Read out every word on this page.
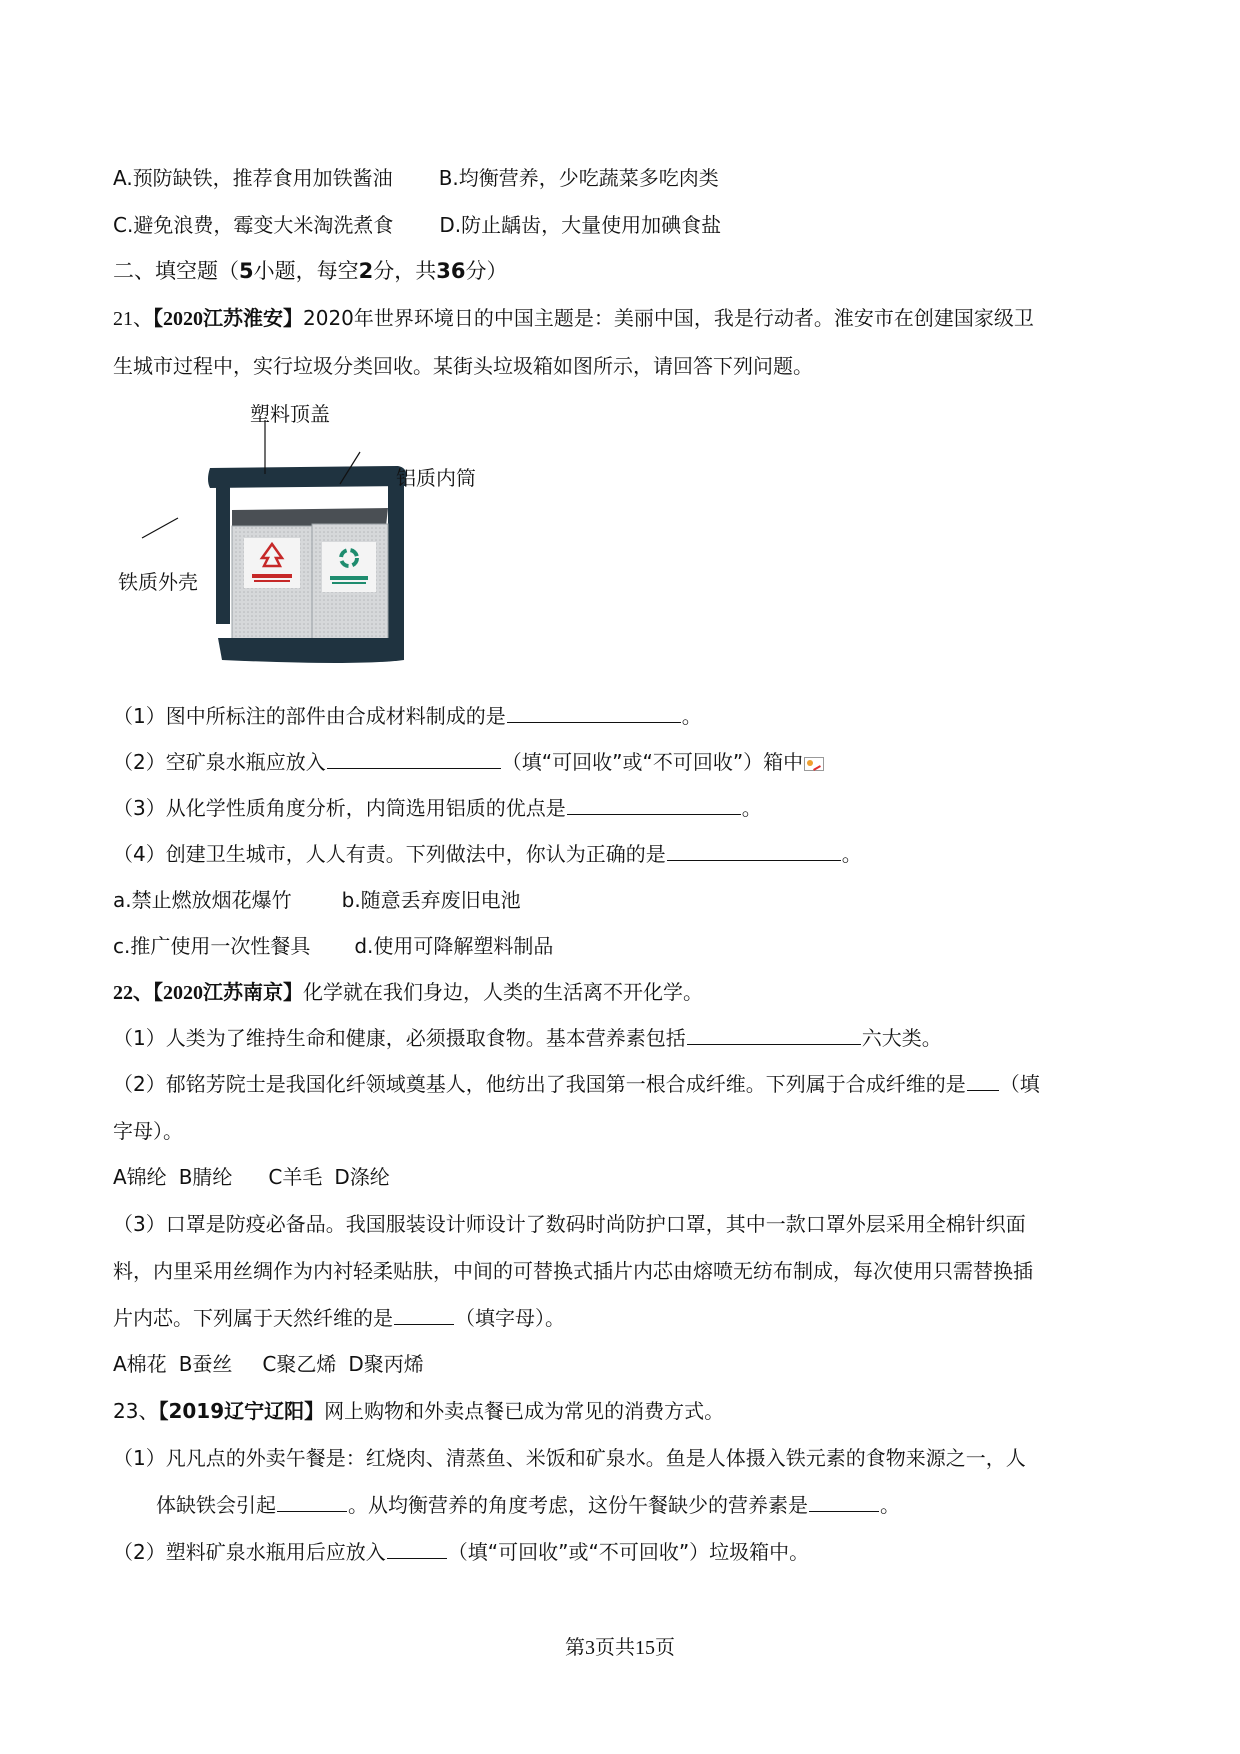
A.预防缺铁，推荐食用加铁酱油 B.均衡营养，少吃蔬菜多吃肉类
C.避免浪费，霉变大米淘洗煮食 D.防止龋齿，大量使用加碘食盐
二、填空题（5小题，每空2分，共36分）
21、【2020江苏淮安】2020年世界环境日的中国主题是：美丽中国，我是行动者。淮安市在创建国家级卫
生城市过程中，实行垃圾分类回收。某街头垃圾箱如图所示，请回答下列问题。
塑料顶盖
铝质内筒
铁质外壳
（1）图中所标注的部件由合成材料制成的是	。
（2）空矿泉水瓶应放入	（填“可回收”或“不可回收”）箱中
（3）从化学性质角度分析，内筒选用铝质的优点是	。
（4）创建卫生城市，人人有责。下列做法中，你认为正确的是	。
a.禁止燃放烟花爆竹	b.随意丢弃废旧电池
c.推广使用一次性餐具 d.使用可降解塑料制品
22、【2020江苏南京】化学就在我们身边，人类的生活离不开化学。
（1）人类为了维持生命和健康，必须摄取食物。基本营养素包括	六大类。
（2）郁铭芳院士是我国化纤领域奠基人，他纺出了我国第一根合成纤维。下列属于合成纤维的是 （填
字母）。
A锦纶 B腈纶 C羊毛 D涤纶
（3）口罩是防疫必备品。我国服装设计师设计了数码时尚防护口罩，其中一款口罩外层采用全棉针织面
料，内里采用丝绸作为内衬轻柔贴肤，中间的可替换式插片内芯由熔喷无纺布制成，每次使用只需替换插
片内芯。下列属于天然纤维的是	（填字母）。
A棉花 B蚕丝 C聚乙烯 D聚丙烯
23、【2019辽宁辽阳】网上购物和外卖点餐已成为常见的消费方式。
（1）凡凡点的外卖午餐是：红烧肉、清蒸鱼、米饭和矿泉水。鱼是人体摄入铁元素的食物来源之一，人
体缺铁会引起	。从均衡营养的角度考虑，这份午餐缺少的营养素是	。
（2）塑料矿泉水瓶用后应放入	（填“可回收”或“不可回收”）垃圾箱中。
第3页共15页
